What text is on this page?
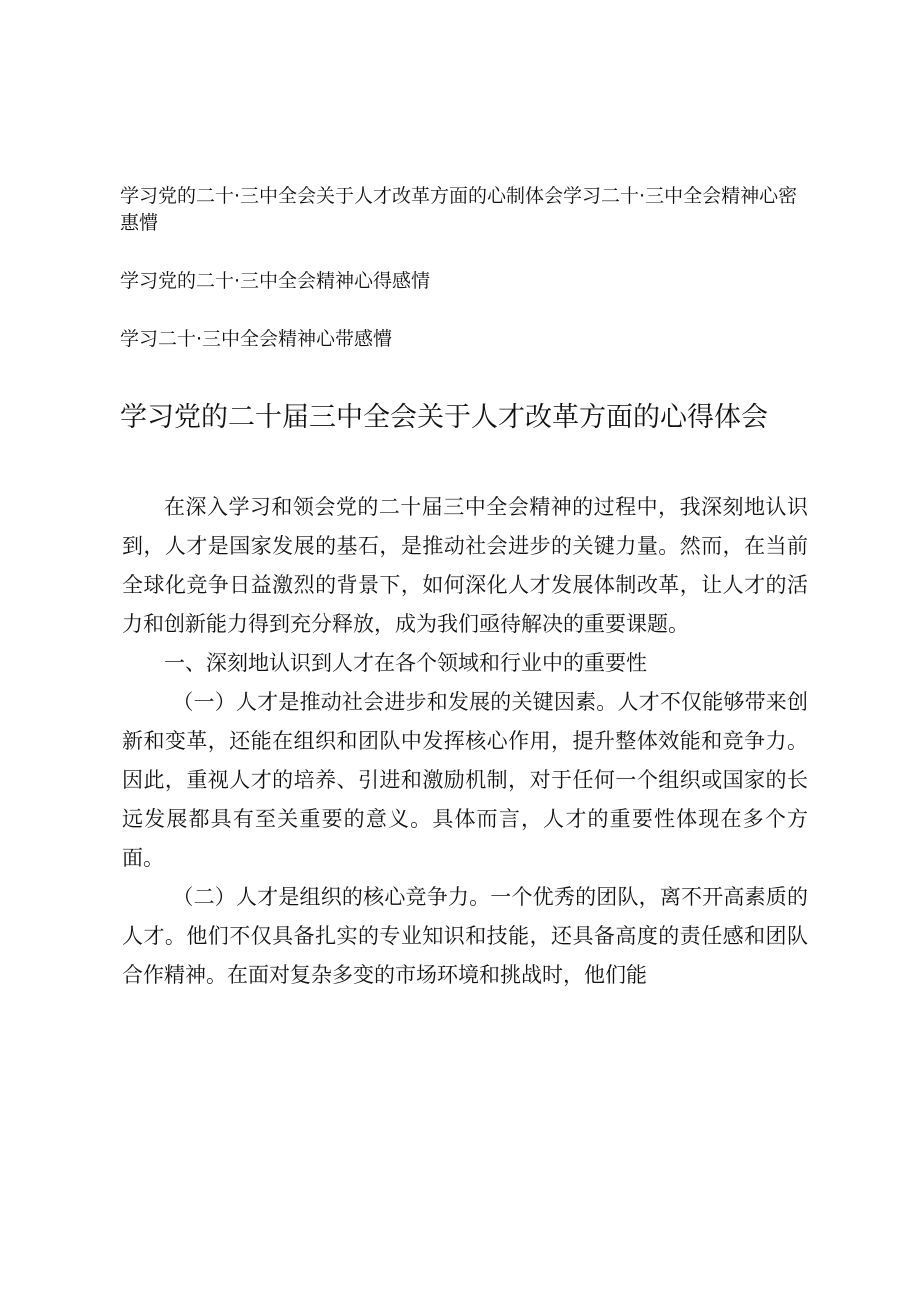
学习党的二十·三中全会关于人才改革方面的心制体会学习二十·三中全会精神心密惠懵
学习党的二十·三中全会精神心得感情
学习二十·三中全会精神心带感懵
学习党的二十届三中全会关于人才改革方面的心得体会

在深入学习和领会党的二十届三中全会精神的过程中，我深刻地认识到，人才是国家发展的基石，是推动社会进步的关键力量。然而，在当前全球化竞争日益激烈的背景下，如何深化人才发展体制改革，让人才的活力和创新能力得到充分释放，成为我们亟待解决的重要课题。

一、深刻地认识到人才在各个领域和行业中的重要性

（一）人才是推动社会进步和发展的关键因素。人才不仅能够带来创新和变革，还能在组织和团队中发挥核心作用，提升整体效能和竞争力。因此，重视人才的培养、引进和激励机制，对于任何一个组织或国家的长远发展都具有至关重要的意义。具体而言，人才的重要性体现在多个方面。

（二）人才是组织的核心竞争力。一个优秀的团队，离不开高素质的人才。他们不仅具备扎实的专业知识和技能，还具备高度的责任感和团队合作精神。在面对复杂多变的市场环境和挑战时，他们能
